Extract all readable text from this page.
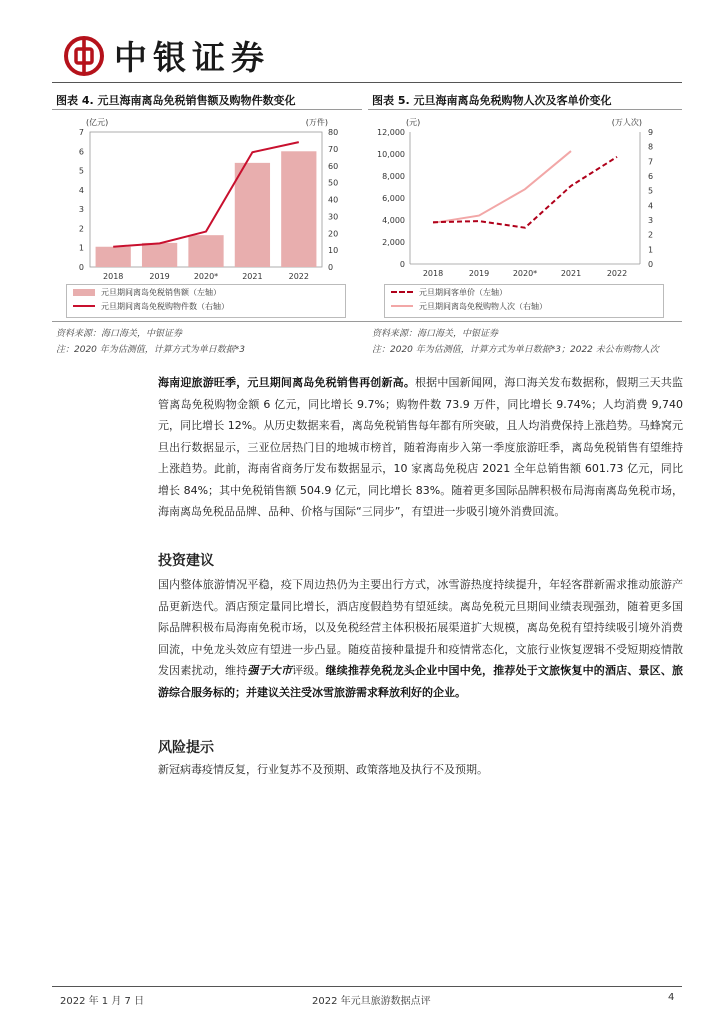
中银证券
图表 4. 元旦海南离岛免税销售额及购物件数变化
(亿元)	(万件)
0
1
2
3
4
5
6
7
0
10
20
30
40
50
60
70
80
2018	2019	2020*	2021	2022
元旦期间离岛免税销售额（左轴）
元旦期间离岛免税购物件数（右轴）
图表 5. 元旦海南离岛免税购物人次及客单价变化
(元)	(万人次)
0
2,000
4,000
6,000
8,000
10,000
12,000
0
1
2
3
4
5
6
7
8
9
2018	2019	2020*	2021	2022
元旦期间客单价（左轴）
元旦期间离岛免税购物人次（右轴）
资料来源：海口海关，中银证券
注：2020 年为估测值，计算方式为单日数据*3
资料来源：海口海关，中银证券
注：2020 年为估测值，计算方式为单日数据*3；2022 未公布购物人次
海南迎旅游旺季，元旦期间离岛免税销售再创新高。根据中国新闻网，海口海关发布数据称，假期三天共监管离岛免税购物金额 6 亿元，同比增长 9.7%；购物件数 73.9 万件，同比增长 9.74%；人均消费 9,740 元，同比增长 12%。从历史数据来看，离岛免税销售每年都有所突破，且人均消费保持上涨趋势。马蜂窝元旦出行数据显示，三亚位居热门目的地城市榜首，随着海南步入第一季度旅游旺季，离岛免税销售有望维持上涨趋势。此前，海南省商务厅发布数据显示，10 家离岛免税店 2021 全年总销售额 601.73 亿元，同比增长 84%；其中免税销售额 504.9 亿元，同比增长 83%。随着更多国际品牌积极布局海南离岛免税市场，海南离岛免税品品牌、品种、价格与国际“三同步”，有望进一步吸引境外消费回流。
投资建议
国内整体旅游情况平稳，疫下周边热仍为主要出行方式，冰雪游热度持续提升，年轻客群新需求推动旅游产品更新迭代。酒店预定量同比增长，酒店度假趋势有望延续。离岛免税元旦期间业绩表现强劲，随着更多国际品牌积极布局海南免税市场，以及免税经营主体积极拓展渠道扩大规模，离岛免税有望持续吸引境外消费回流，中免龙头效应有望进一步凸显。随疫苗接种量提升和疫情常态化，文旅行业恢复逻辑不受短期疫情散发因素扰动，维持强于大市评级。继续推荐免税龙头企业中国中免，推荐处于文旅恢复中的酒店、景区、旅游综合服务标的；并建议关注受冰雪旅游需求释放利好的企业。
风险提示
新冠病毒疫情反复，行业复苏不及预期、政策落地及执行不及预期。
2022 年 1 月 7 日	2022 年元旦旅游数据点评	4
